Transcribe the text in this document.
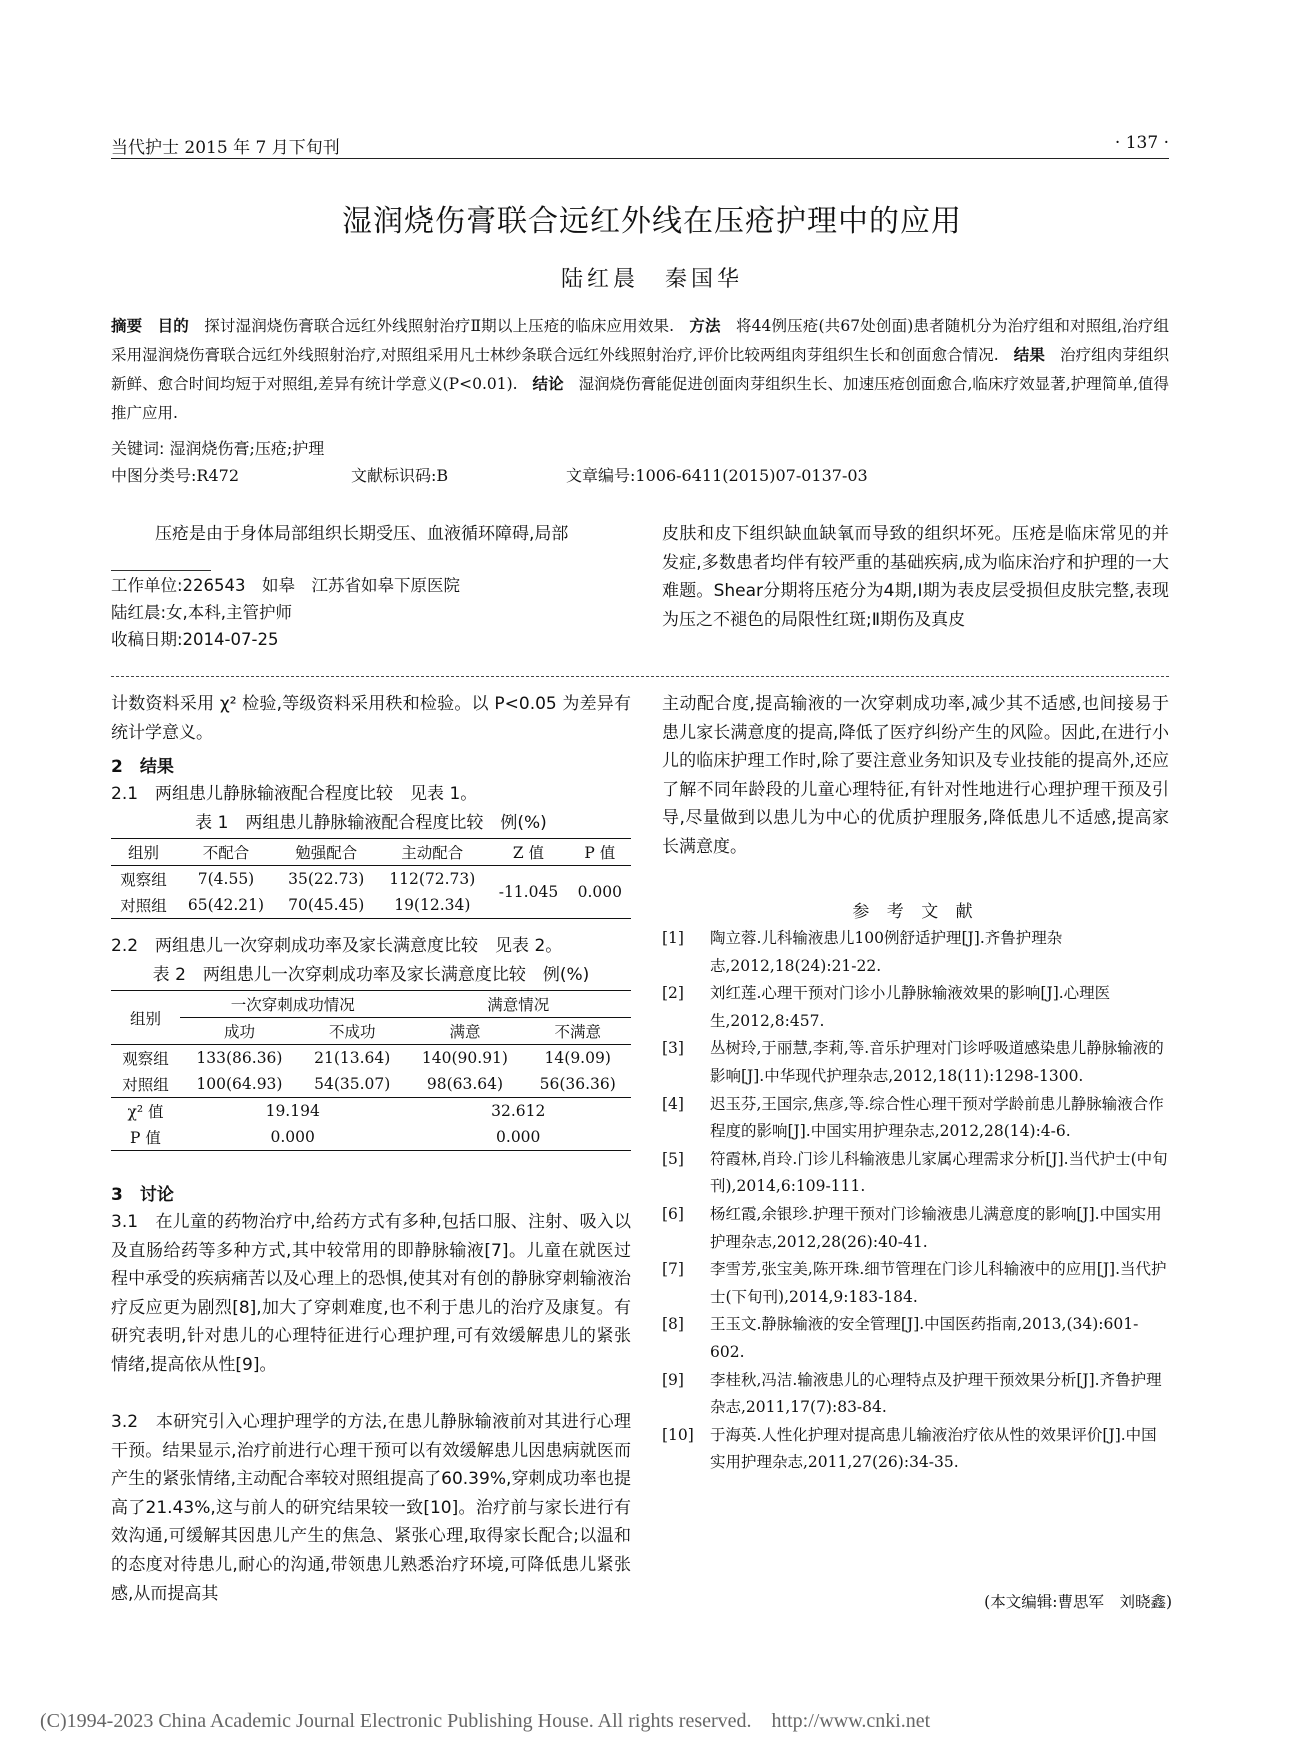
当代护士 2015 年 7 月下旬刊	· 137 ·
湿润烧伤膏联合远红外线在压疮护理中的应用
陆红晨　秦国华
摘要 目的 探讨湿润烧伤膏联合远红外线照射治疗Ⅱ期以上压疮的临床应用效果. 方法 将44例压疮(共67处创面)患者随机分为治疗组和对照组,治疗组采用湿润烧伤膏联合远红外线照射治疗,对照组采用凡士林纱条联合远红外线照射治疗,评价比较两组肉芽组织生长和创面愈合情况. 结果 治疗组肉芽组织新鲜、愈合时间均短于对照组,差异有统计学意义(P<0.01). 结论 湿润烧伤膏能促进创面肉芽组织生长、加速压疮创面愈合,临床疗效显著,护理简单,值得推广应用.
关键词: 湿润烧伤膏;压疮;护理
中图分类号:R472	文献标识码:B	文章编号:1006-6411(2015)07-0137-03
压疮是由于身体局部组织长期受压、血液循环障碍,局部	皮肤和皮下组织缺血缺氧而导致的组织坏死。压疮是临床常见的并发症,多数患者均伴有较严重的基础疾病,成为临床治疗和护理的一大难题。Shear分期将压疮分为4期,Ⅰ期为表皮层受损但皮肤完整,表现为压之不褪色的局限性红斑;Ⅱ期伤及真皮
工作单位:226543　如皋　江苏省如皋下原医院
陆红晨:女,本科,主管护师
收稿日期:2014-07-25
计数资料采用 χ² 检验,等级资料采用秩和检验。以 P<0.05 为差异有统计学意义。
2　结果
2.1　两组患儿静脉输液配合程度比较　见表 1。
表 1　两组患儿静脉输液配合程度比较　例(%)
组别	不配合	勉强配合	主动配合	Z 值	P 值
观察组	7(4.55)	35(22.73)	112(72.73)	-11.045	0.000
对照组	65(42.21)	70(45.45)	19(12.34)		
2.2　两组患儿一次穿刺成功率及家长满意度比较　见表 2。
表 2　两组患儿一次穿刺成功率及家长满意度比较　例(%)
组别	一次穿刺成功情况		满意情况	
	成功	不成功	满意	不满意
观察组	133(86.36)	21(13.64)	140(90.91)	14(9.09)
对照组	100(64.93)	54(35.07)	98(63.64)	56(36.36)
χ² 值	19.194		32.612	
P 值	0.000		0.000	
3　讨论
3.1　在儿童的药物治疗中,给药方式有多种,包括口服、注射、吸入以及直肠给药等多种方式,其中较常用的即静脉输液[7]。儿童在就医过程中承受的疾病痛苦以及心理上的恐惧,使其对有创的静脉穿刺输液治疗反应更为剧烈[8],加大了穿刺难度,也不利于患儿的治疗及康复。有研究表明,针对患儿的心理特征进行心理护理,可有效缓解患儿的紧张情绪,提高依从性[9]。
3.2　本研究引入心理护理学的方法,在患儿静脉输液前对其进行心理干预。结果显示,治疗前进行心理干预可以有效缓解患儿因患病就医而产生的紧张情绪,主动配合率较对照组提高了60.39%,穿刺成功率也提高了21.43%,这与前人的研究结果较一致[10]。治疗前与家长进行有效沟通,可缓解其因患儿产生的焦急、紧张心理,取得家长配合;以温和的态度对待患儿,耐心的沟通,带领患儿熟悉治疗环境,可降低患儿紧张感,从而提高其
主动配合度,提高输液的一次穿刺成功率,减少其不适感,也间接易于患儿家长满意度的提高,降低了医疗纠纷产生的风险。因此,在进行小儿的临床护理工作时,除了要注意业务知识及专业技能的提高外,还应了解不同年龄段的儿童心理特征,有针对性地进行心理护理干预及引导,尽量做到以患儿为中心的优质护理服务,降低患儿不适感,提高家长满意度。
参 考 文 献
[1]	陶立蓉.儿科输液患儿100例舒适护理[J].齐鲁护理杂志,2012,18(24):21-22.
[2]	刘红莲.心理干预对门诊小儿静脉输液效果的影响[J].心理医生,2012,8:457.
[3]	丛树玲,于丽慧,李莉,等.音乐护理对门诊呼吸道感染患儿静脉输液的影响[J].中华现代护理杂志,2012,18(11):1298-1300.
[4]	迟玉芬,王国宗,焦彦,等.综合性心理干预对学龄前患儿静脉输液合作程度的影响[J].中国实用护理杂志,2012,28(14):4-6.
[5]	符霞林,肖玲.门诊儿科输液患儿家属心理需求分析[J].当代护士(中旬刊),2014,6:109-111.
[6]	杨红霞,余银珍.护理干预对门诊输液患儿满意度的影响[J].中国实用护理杂志,2012,28(26):40-41.
[7]	李雪芳,张宝美,陈开珠.细节管理在门诊儿科输液中的应用[J].当代护士(下旬刊),2014,9:183-184.
[8]	王玉文.静脉输液的安全管理[J].中国医药指南,2013,(34):601-602.
[9]	李桂秋,冯洁.输液患儿的心理特点及护理干预效果分析[J].齐鲁护理杂志,2011,17(7):83-84.
[10]	于海英.人性化护理对提高患儿输液治疗依从性的效果评价[J].中国实用护理杂志,2011,27(26):34-35.
(本文编辑:曹思军　刘晓鑫)
(C)1994-2023 China Academic Journal Electronic Publishing House. All rights reserved.　http://www.cnki.net
